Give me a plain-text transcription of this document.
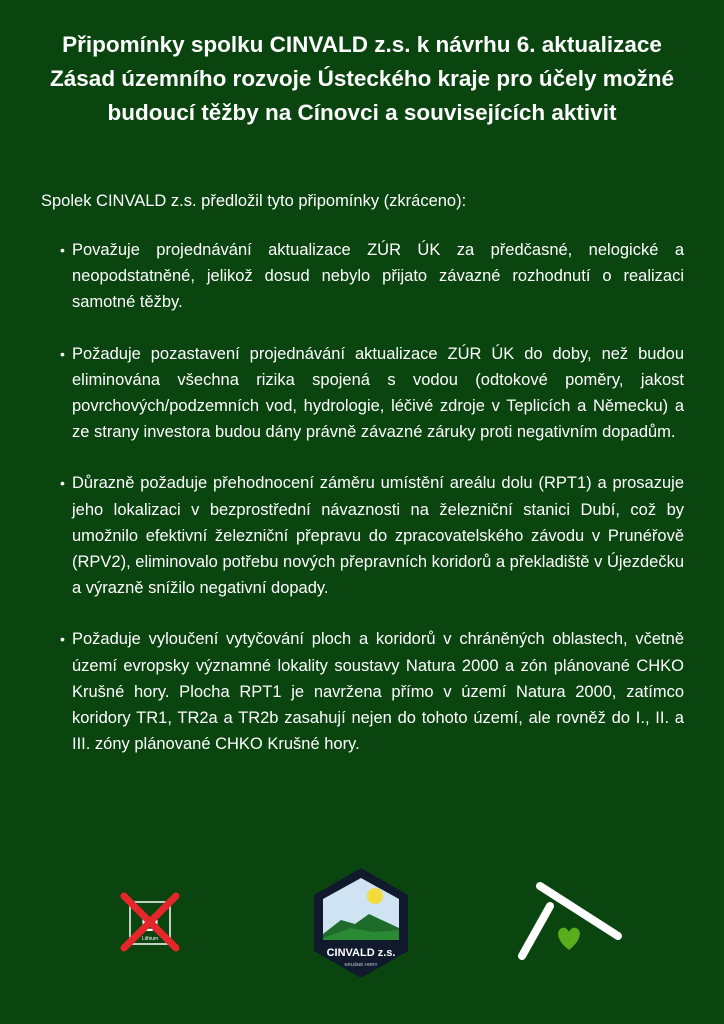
Připomínky spolku CINVALD z.s. k návrhu 6. aktualizace Zásad územního rozvoje Ústeckého kraje pro účely možné budoucí těžby na Cínovci a souvisejících aktivit
Spolek CINVALD z.s. předložil tyto připomínky (zkráceno):
• Považuje projednávání aktualizace ZÚR ÚK za předčasné, nelogické a neopodstatněné, jelikož dosud nebylo přijato závazné rozhodnutí o realizaci samotné těžby.
• Požaduje pozastavení projednávání aktualizace ZÚR ÚK do doby, než budou eliminována všechna rizika spojená s vodou (odtokové poměry, jakost povrchových/podzemních vod, hydrologie, léčivé zdroje v Teplicích a Německu) a ze strany investora budou dány právně závazné záruky proti negativním dopadům.
• Důrazně požaduje přehodnocení záměru umístění areálu dolu (RPT1) a prosazuje jeho lokalizaci v bezprostřední návaznosti na železniční stanici Dubí, což by umožnilo efektivní železniční přepravu do zpracovatelského závodu v Prunéřově (RPV2), eliminovalo potřebu nových přepravních koridorů a překladiště v Újezdečku a výrazně snížilo negativní dopady.
• Požaduje vyloučení vytyčování ploch a koridorů v chráněných oblastech, včetně území evropsky významné lokality soustavy Natura 2000 a zón plánované CHKO Krušné hory. Plocha RPT1 je navržena přímo v území Natura 2000, zatímco koridory TR1, TR2a a TR2b zasahují nejen do tohoto území, ale rovněž do I., II. a III. zóny plánované CHKO Krušné hory.
Lithium
CINVALD z.s.
KRUŠNÉ HORY
